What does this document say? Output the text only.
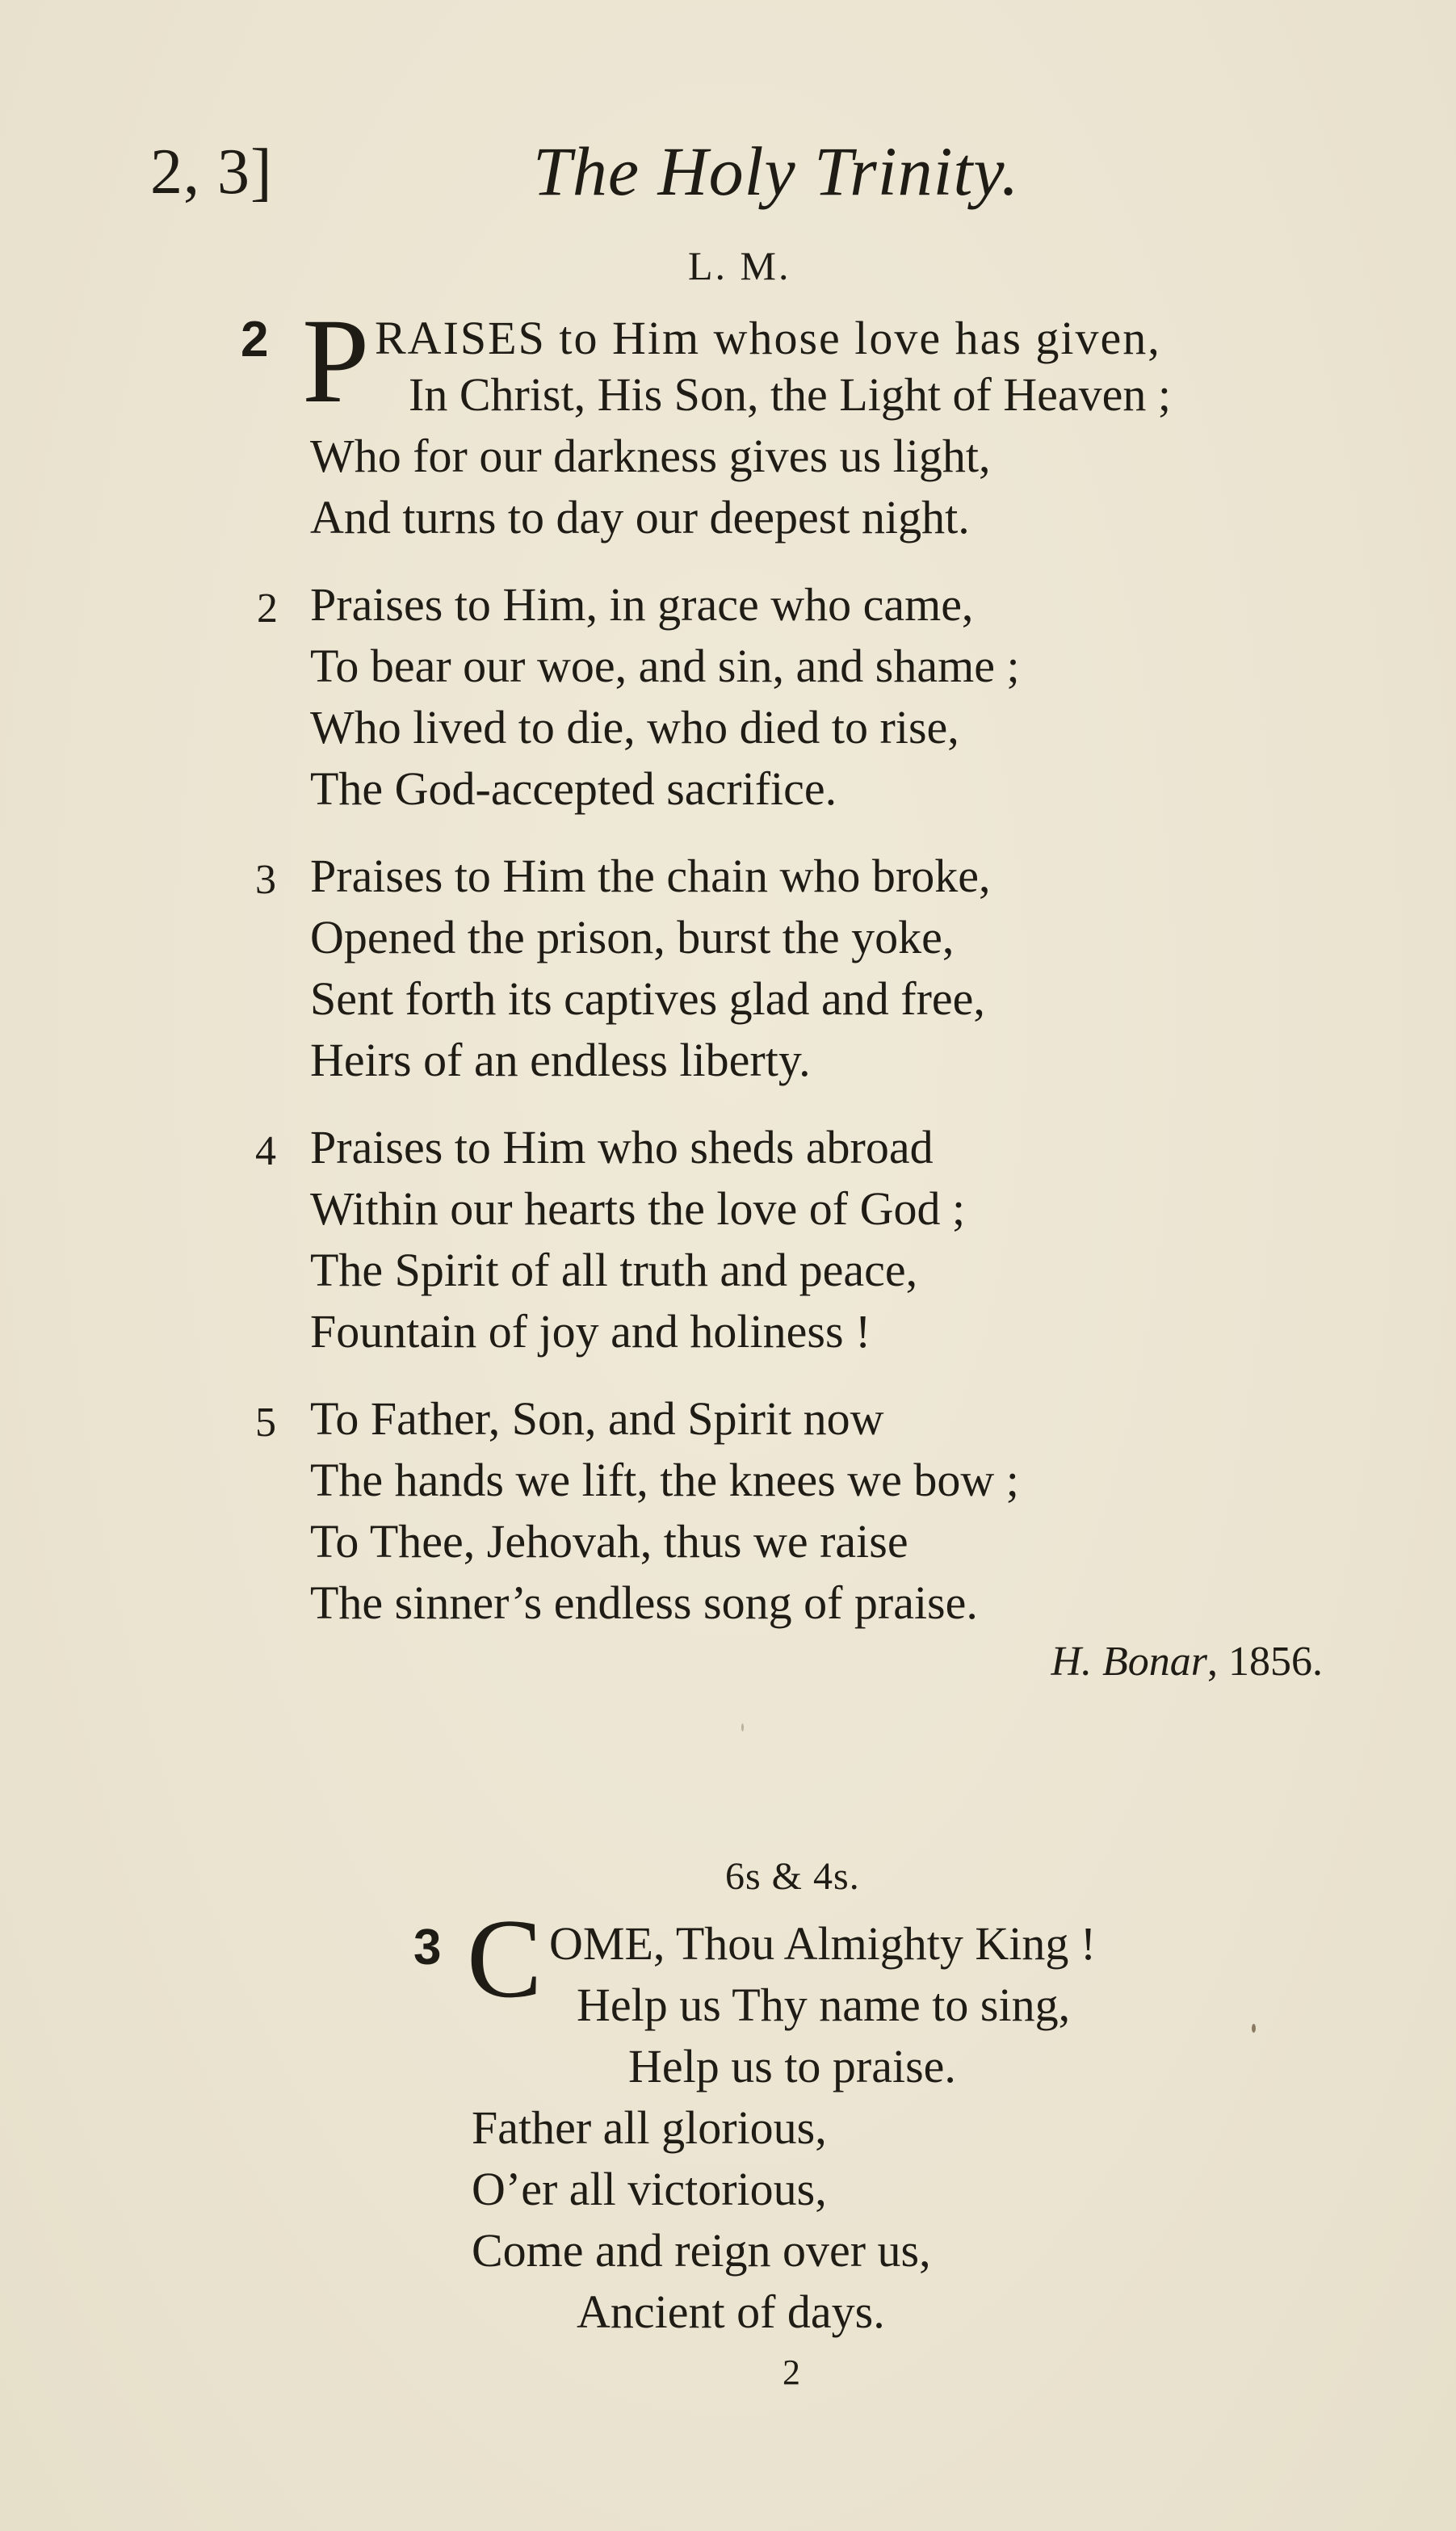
2, 3]	The Holy Trinity.
L. M.
2 P RAISES to Him whose love has given,
In Christ, His Son, the Light of Heaven ;
Who for our darkness gives us light,
And turns to day our deepest night.
2 Praises to Him, in grace who came,
To bear our woe, and sin, and shame ;
Who lived to die, who died to rise,
The God-accepted sacrifice.
3 Praises to Him the chain who broke,
Opened the prison, burst the yoke,
Sent forth its captives glad and free,
Heirs of an endless liberty.
4 Praises to Him who sheds abroad
Within our hearts the love of God ;
The Spirit of all truth and peace,
Fountain of joy and holiness !
5 To Father, Son, and Spirit now
The hands we lift, the knees we bow ;
To Thee, Jehovah, thus we raise
The sinner’s endless song of praise.
H. Bonar, 1856.
6s & 4s.
3 C OME, Thou Almighty King !
Help us Thy name to sing,
Help us to praise.
Father all glorious,
O’er all victorious,
Come and reign over us,
Ancient of days.
2
